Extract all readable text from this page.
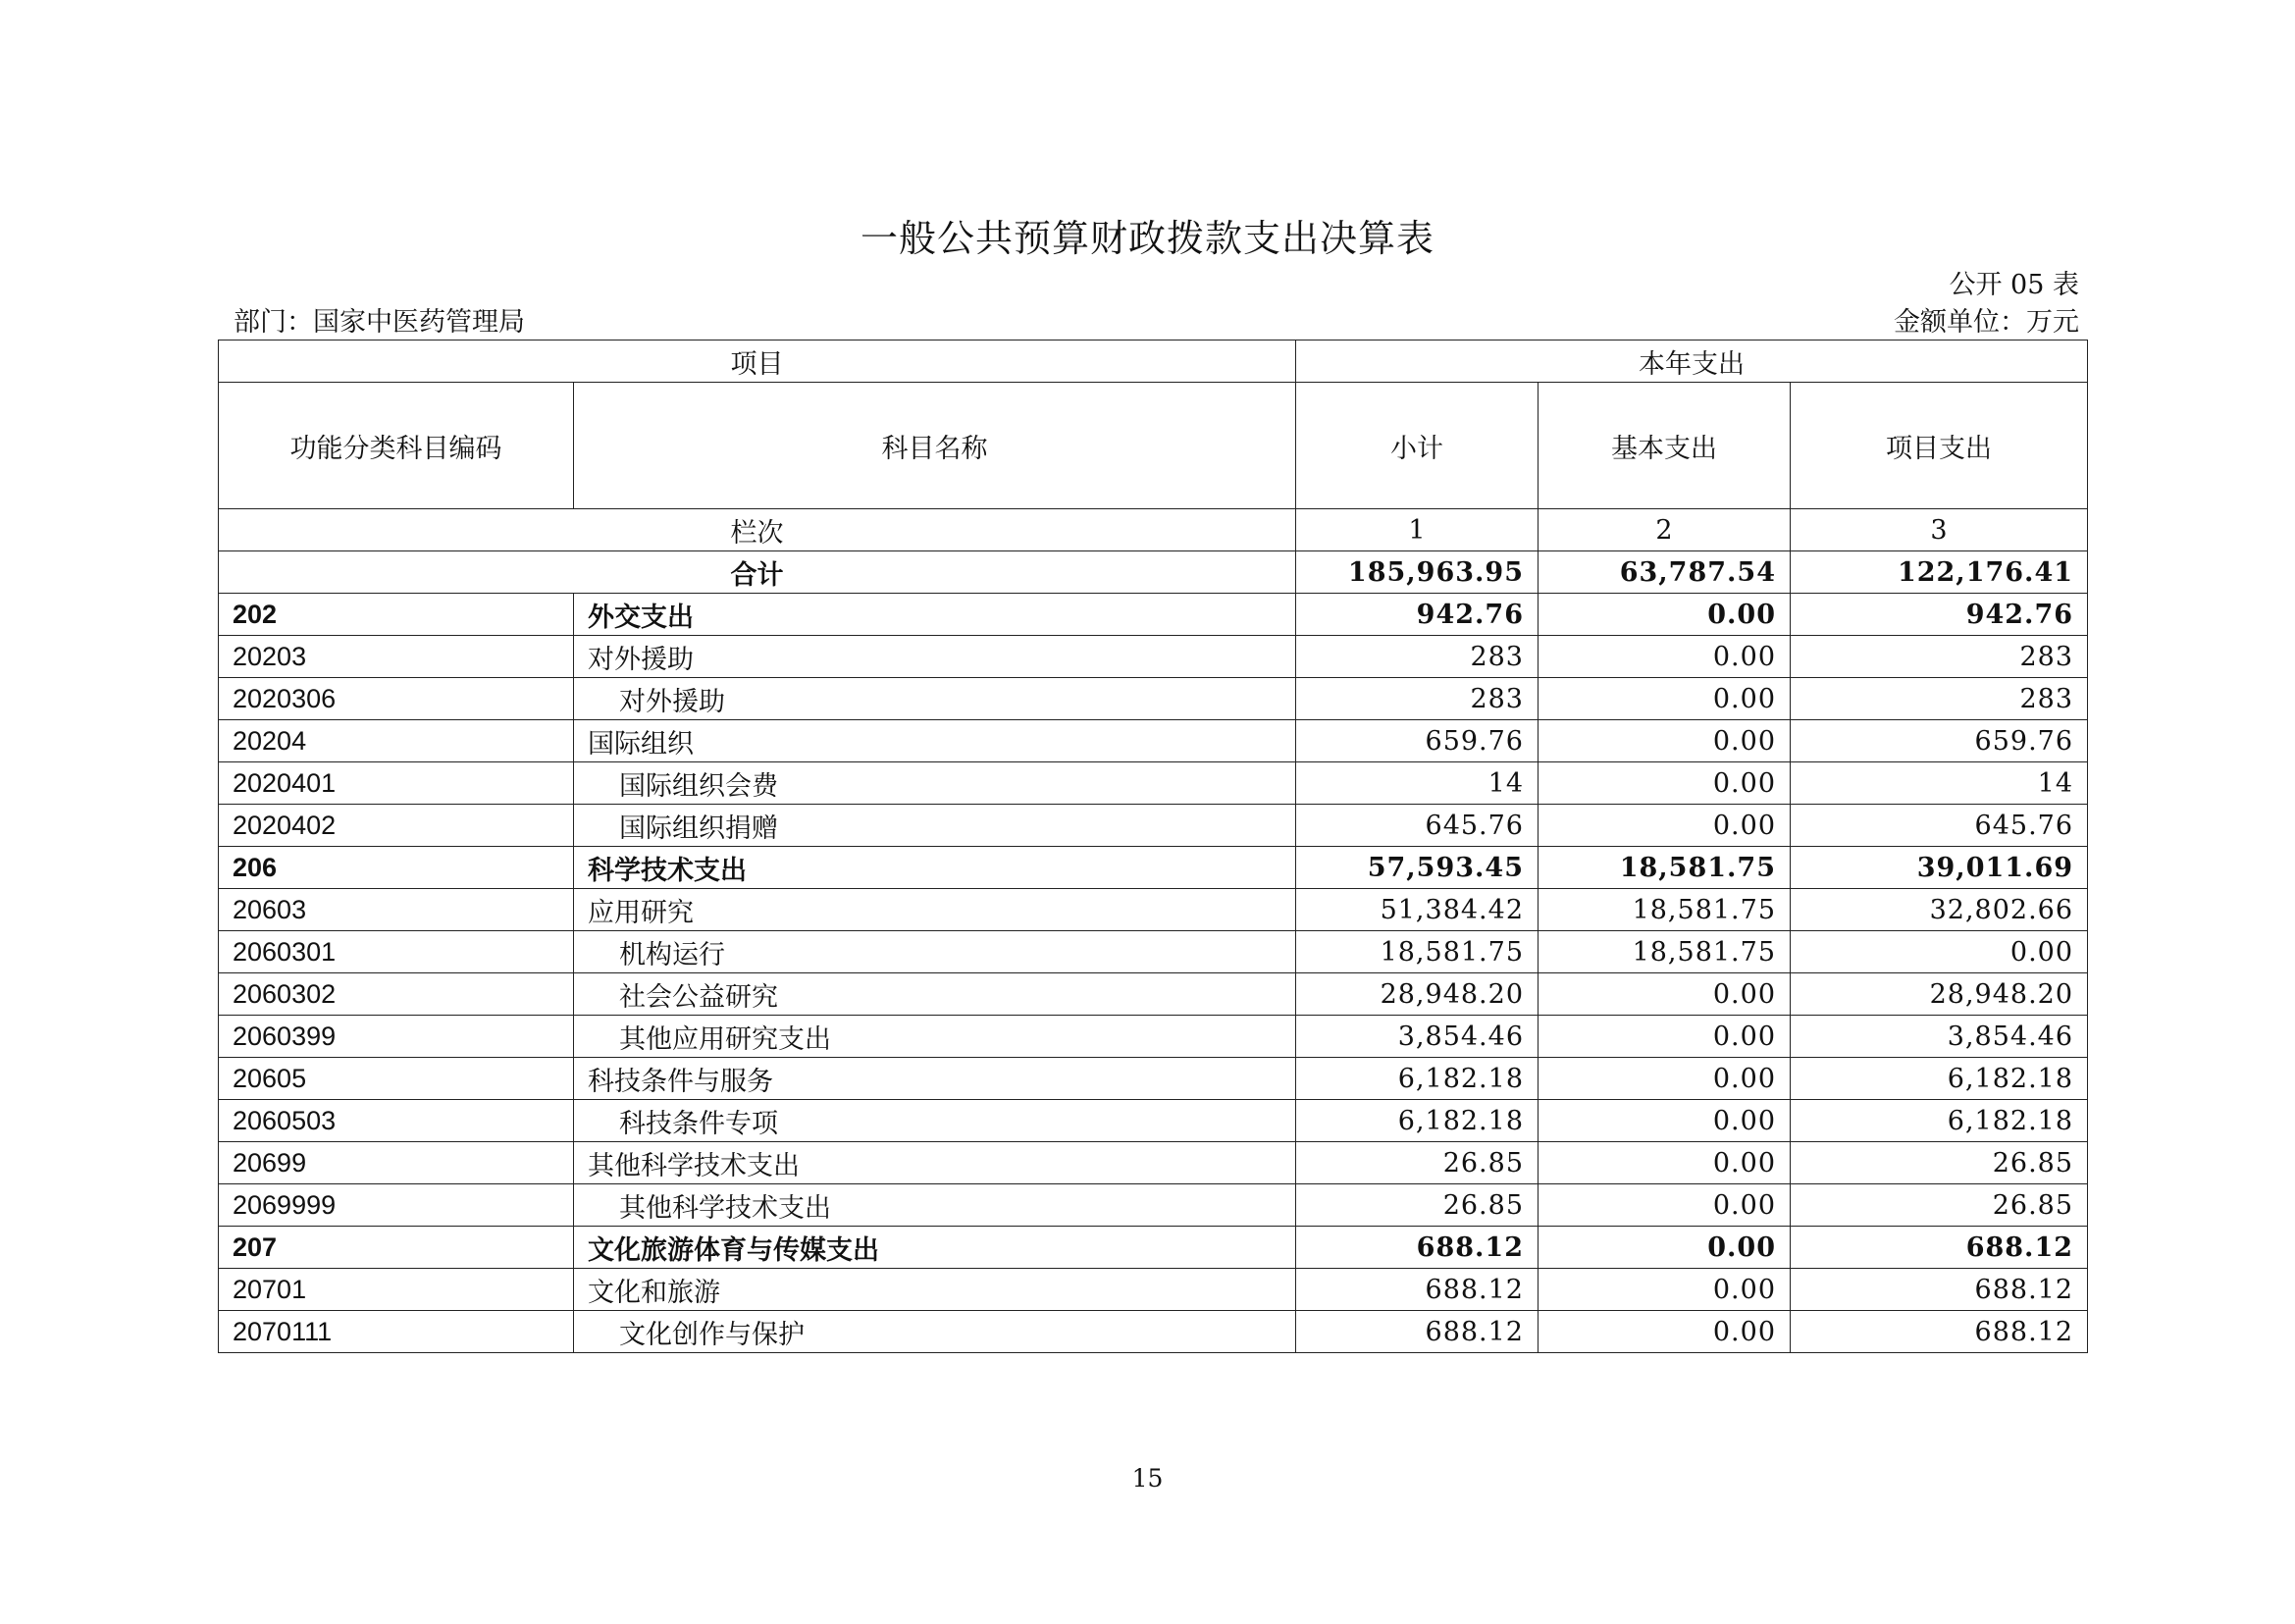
一般公共预算财政拨款支出决算表
公开 05 表
部门：国家中医药管理局	金额单位：万元
项目		本年支出		
功能分类科目编码	科目名称	小计	基本支出	项目支出
栏次		1	2	3
合计		185,963.95	63,787.54	122,176.41
202	外交支出	942.76	0.00	942.76
20203	对外援助	283	0.00	283
2020306	对外援助	283	0.00	283
20204	国际组织	659.76	0.00	659.76
2020401	国际组织会费	14	0.00	14
2020402	国际组织捐赠	645.76	0.00	645.76
206	科学技术支出	57,593.45	18,581.75	39,011.69
20603	应用研究	51,384.42	18,581.75	32,802.66
2060301	机构运行	18,581.75	18,581.75	0.00
2060302	社会公益研究	28,948.20	0.00	28,948.20
2060399	其他应用研究支出	3,854.46	0.00	3,854.46
20605	科技条件与服务	6,182.18	0.00	6,182.18
2060503	科技条件专项	6,182.18	0.00	6,182.18
20699	其他科学技术支出	26.85	0.00	26.85
2069999	其他科学技术支出	26.85	0.00	26.85
207	文化旅游体育与传媒支出	688.12	0.00	688.12
20701	文化和旅游	688.12	0.00	688.12
2070111	文化创作与保护	688.12	0.00	688.12
15
